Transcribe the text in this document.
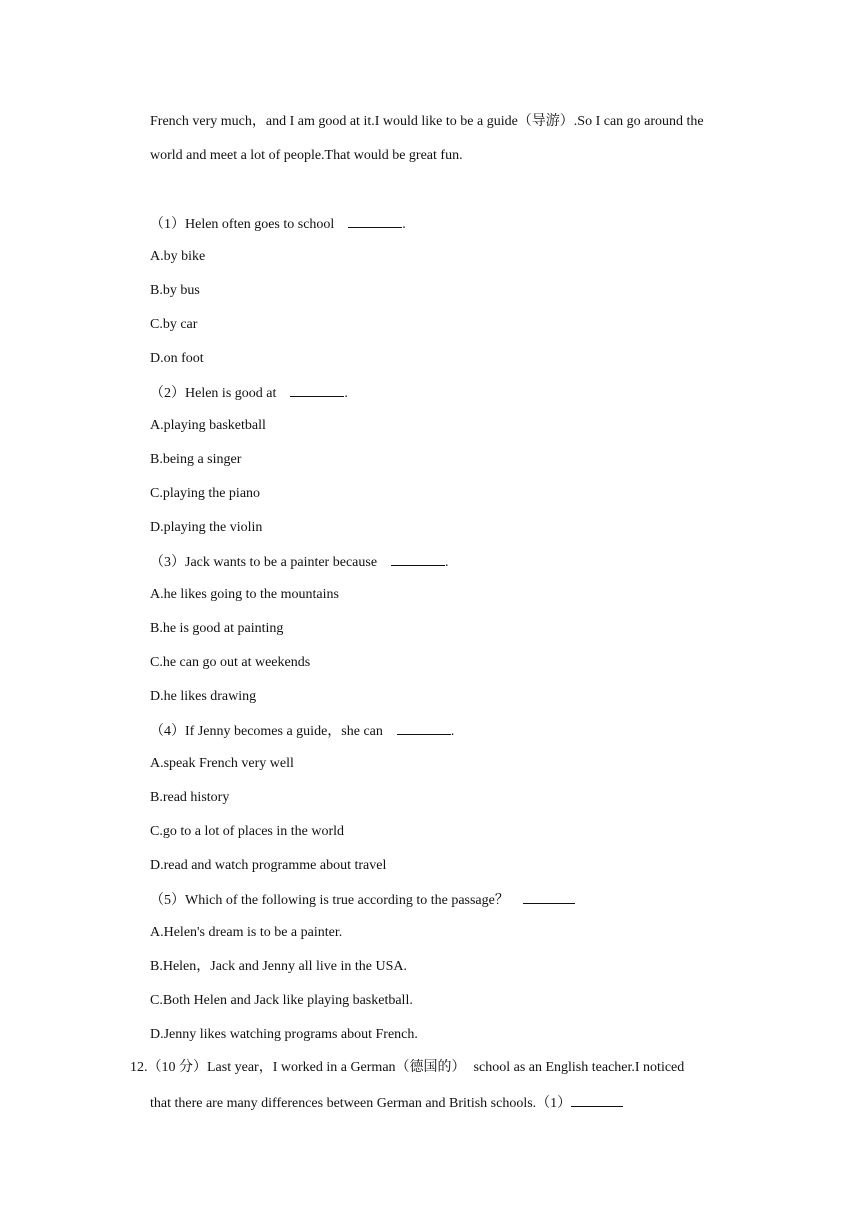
French very much，and I am good at it.I would like to be a guide（导游）.So I can go around the
world and meet a lot of people.That would be great fun.
（1）Helen often goes to school	.
A.by bike
B.by bus
C.by car
D.on foot
（2）Helen is good at	.
A.playing basketball
B.being a singer
C.playing the piano
D.playing the violin
（3）Jack wants to be a painter because	.
A.he likes going to the mountains
B.he is good at painting
C.he can go out at weekends
D.he likes drawing
（4）If Jenny becomes a guide，she can	.
A.speak French very well
B.read history
C.go to a lot of places in the world
D.read and watch programme about travel
（5）Which of the following is true according to the passage？
A.Helen's dream is to be a painter.
B.Helen，Jack and Jenny all live in the USA.
C.Both Helen and Jack like playing basketball.
D.Jenny likes watching programs about French.
12.（10 分）Last year，I worked in a German（德国的） school as an English teacher.I noticed
that there are many differences between German and British schools.（1）
